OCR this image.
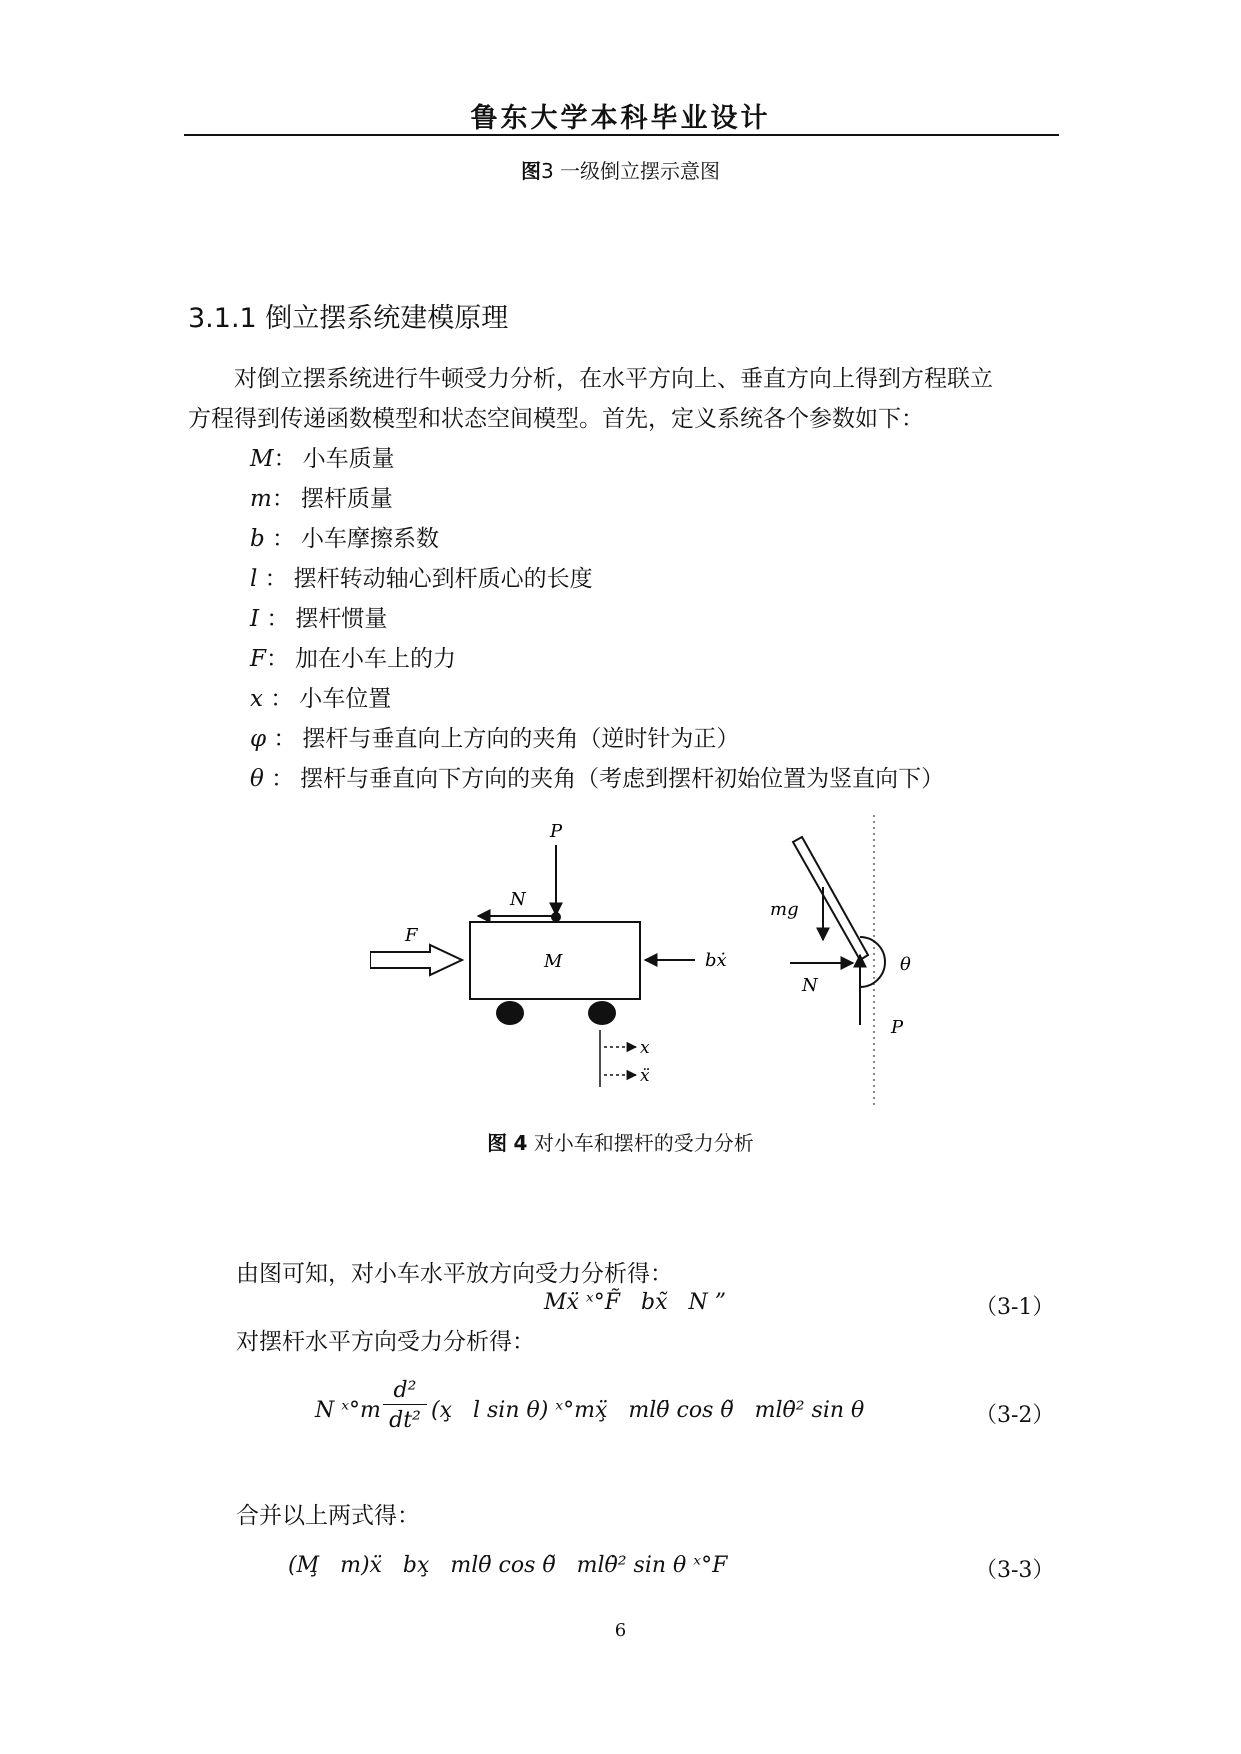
鲁东大学本科毕业设计
图3 一级倒立摆示意图
3.1.1 倒立摆系统建模原理
对倒立摆系统进行牛顿受力分析，在水平方向上、垂直方向上得到方程联立
方程得到传递函数模型和状态空间模型。首先，定义系统各个参数如下：
M： 小车质量
m： 摆杆质量
b ： 小车摩擦系数
l ： 摆杆转动轴心到杆质心的长度
I ： 摆杆惯量
F： 加在小车上的力
x ： 小车位置
φ ： 摆杆与垂直向上方向的夹角（逆时针为正）
θ ： 摆杆与垂直向下方向的夹角（考虑到摆杆初始位置为竖直向下）
P
N
F
M	bẋ
x
ẍ
mg
θ
N
P
图 4 对小车和摆杆的受力分析
由图可知，对小车水平放方向受力分析得：
Mẍ ˣ°F̃   bx̃   N ”	（3-1）
对摆杆水平方向受力分析得：
N ˣ°m
d²
dt² (x̧   l sin θ) ˣ°mẍ̧   mlθ̈ cos θ̃   mlθ̇² sin θ	（3-2）
合并以上两式得：
(M̧   m)ẍ   bx̧   mlθ̈ cos θ̃   mlθ̇² sin θ ˣ°F	（3-3）
6
